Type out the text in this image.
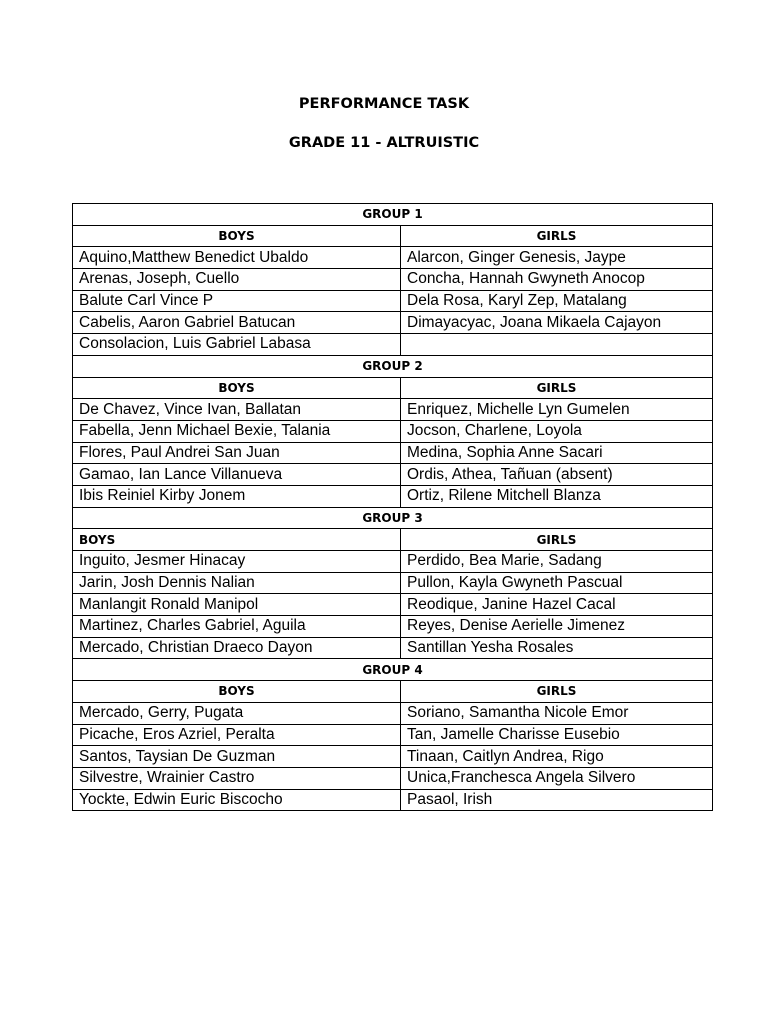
PERFORMANCE TASK
GRADE 11 - ALTRUISTIC
GROUP 1	
BOYS	GIRLS
Aquino,Matthew Benedict Ubaldo	Alarcon, Ginger Genesis, Jaype
Arenas, Joseph, Cuello	Concha, Hannah Gwyneth Anocop
Balute Carl Vince P	Dela Rosa, Karyl Zep, Matalang
Cabelis, Aaron Gabriel Batucan	Dimayacyac, Joana Mikaela Cajayon
Consolacion, Luis Gabriel Labasa	
GROUP 2	
BOYS	GIRLS
De Chavez, Vince Ivan, Ballatan	Enriquez, Michelle Lyn Gumelen
Fabella, Jenn Michael Bexie, Talania	Jocson, Charlene, Loyola
Flores, Paul Andrei San Juan	Medina, Sophia Anne Sacari
Gamao, Ian Lance Villanueva	Ordis, Athea, Tañuan (absent)
Ibis Reiniel Kirby Jonem	Ortiz, Rilene Mitchell Blanza
GROUP 3	
BOYS	GIRLS
Inguito, Jesmer Hinacay	Perdido, Bea Marie, Sadang
Jarin, Josh Dennis Nalian	Pullon, Kayla Gwyneth Pascual
Manlangit Ronald Manipol	Reodique, Janine Hazel Cacal
Martinez, Charles Gabriel, Aguila	Reyes, Denise Aerielle Jimenez
Mercado, Christian Draeco Dayon	Santillan Yesha Rosales
GROUP 4	
BOYS	GIRLS
Mercado, Gerry, Pugata	Soriano, Samantha Nicole Emor
Picache, Eros Azriel, Peralta	Tan, Jamelle Charisse Eusebio
Santos, Taysian De Guzman	Tinaan, Caitlyn Andrea, Rigo
Silvestre, Wrainier Castro	Unica,Franchesca Angela Silvero
Yockte, Edwin Euric Biscocho	Pasaol, Irish
